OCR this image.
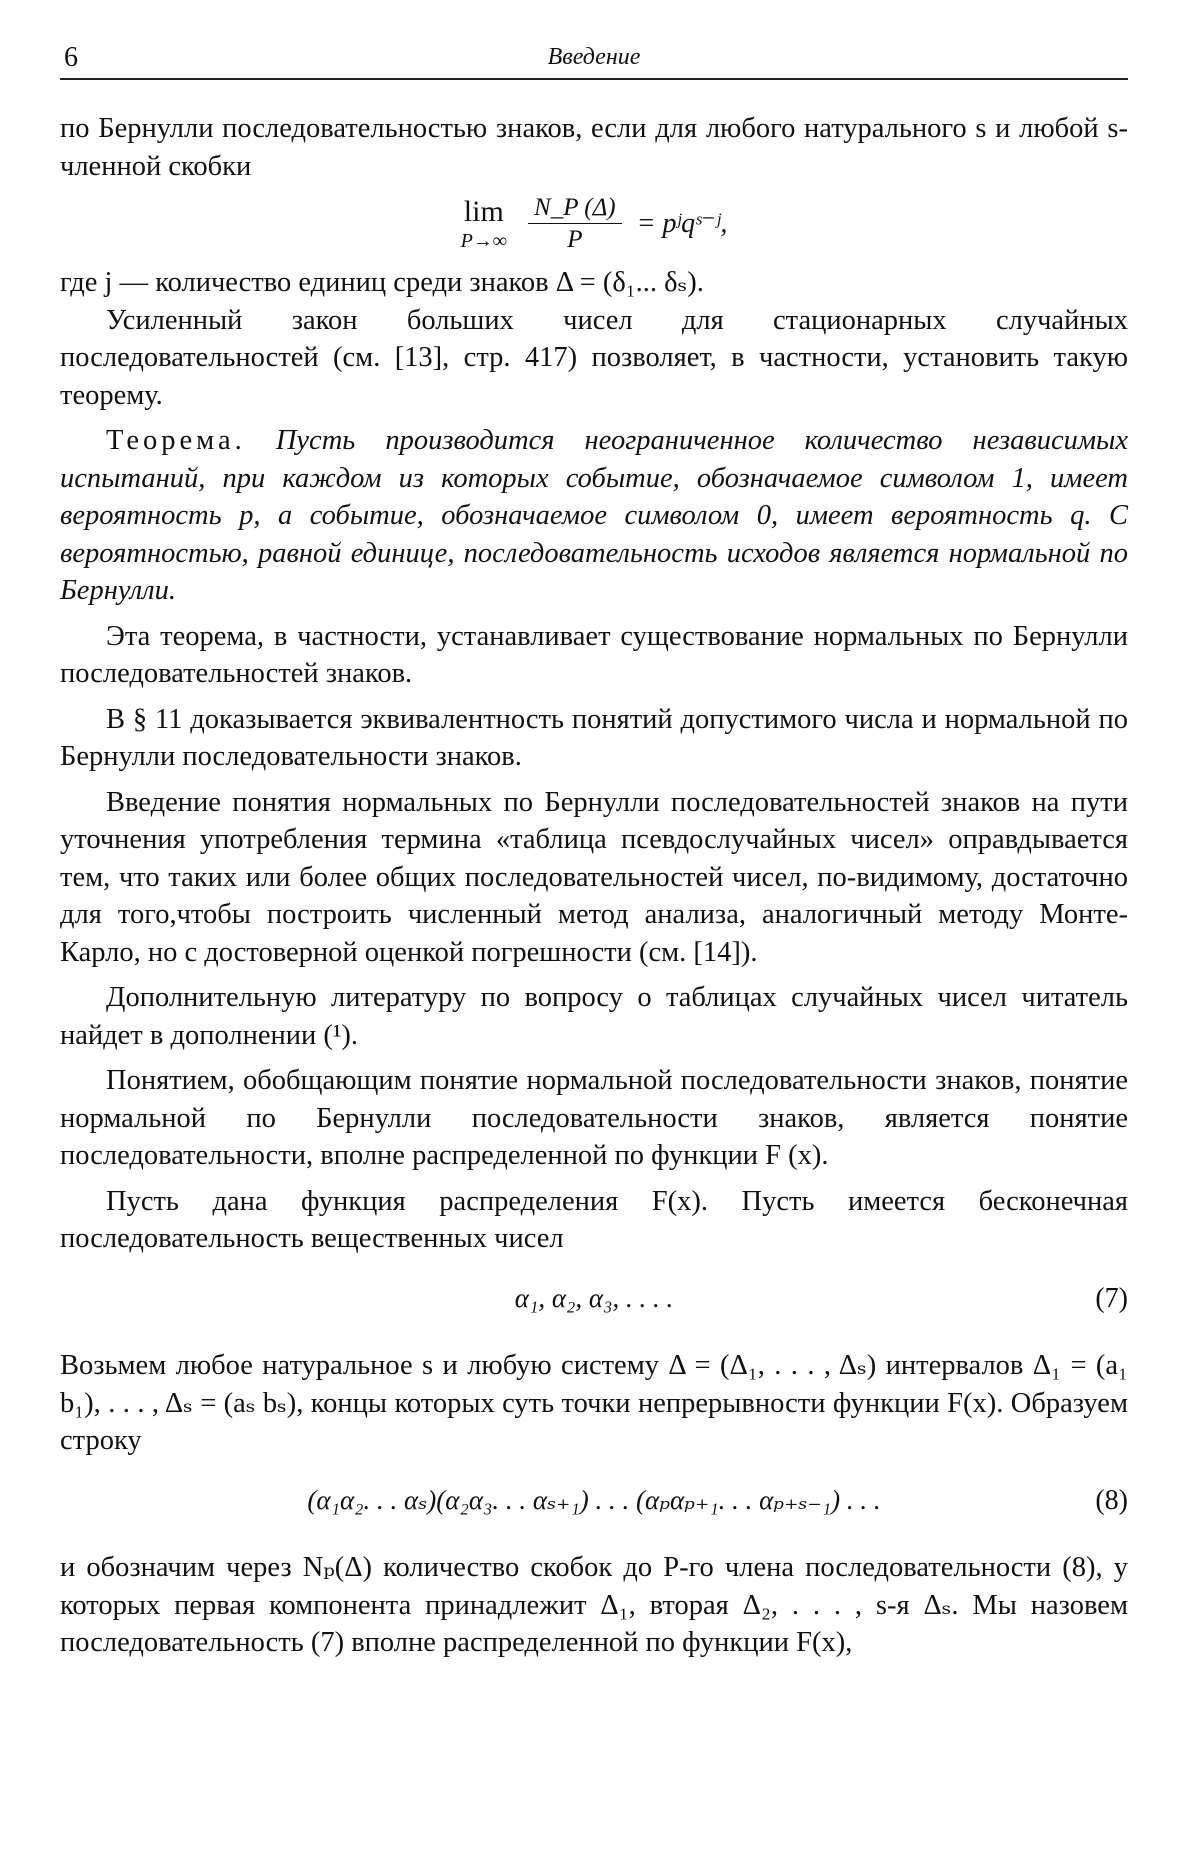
6	Введение

по Бернулли последовательностью знаков, если для любого натурального s и любой s-членной скобки

lim
P→∞
$\frac{N\_P (\Delta)}{P}$ = pʲqˢ⁻ʲ,

где j — количество единиц среди знаков Δ = (δ₁... δₛ).

Усиленный закон больших чисел для стационарных случайных последовательностей (см. [13], стр. 417) позволяет, в частности, установить такую теорему.

Теорема. Пусть производится неограниченное количество независимых испытаний, при каждом из которых событие, обозначаемое символом 1, имеет вероятность p, а событие, обозначаемое символом 0, имеет вероятность q. С вероятностью, равной единице, последовательность исходов является нормальной по Бернулли.

Эта теорема, в частности, устанавливает существование нормальных по Бернулли последовательностей знаков.

В § 11 доказывается эквивалентность понятий допустимого числа и нормальной по Бернулли последовательности знаков.

Введение понятия нормальных по Бернулли последовательностей знаков на пути уточнения употребления термина «таблица псевдослучайных чисел» оправдывается тем, что таких или более общих последовательностей чисел, по-видимому, достаточно для того,чтобы построить численный метод анализа, аналогичный методу Монте-Карло, но с достоверной оценкой погрешности (см. [14]).

Дополнительную литературу по вопросу о таблицах случайных чисел читатель найдет в дополнении (¹).

Понятием, обобщающим понятие нормальной последовательности знаков, понятие нормальной по Бернулли последовательности знаков, является понятие последовательности, вполне распределенной по функции F (x).

Пусть дана функция распределения F(x). Пусть имеется бесконечная последовательность вещественных чисел

α₁, α₂, α₃, . . . .	(7)

Возьмем любое натуральное s и любую систему Δ = (Δ₁, . . . , Δₛ) интервалов Δ₁ = (a₁ b₁), . . . , Δₛ = (aₛ bₛ), концы которых суть точки непрерывности функции F(x). Образуем строку

(α₁α₂. . . αₛ)(α₂α₃. . . αₛ₊₁) . . . (αₚαₚ₊₁. . . αₚ₊ₛ₋₁) . . .	(8)

и обозначим через Nₚ(Δ) количество скобок до P-го члена последовательности (8), у которых первая компонента принадлежит Δ₁, вторая Δ₂, . . . , s-я Δₛ. Мы назовем последовательность (7) вполне распределенной по функции F(x),
